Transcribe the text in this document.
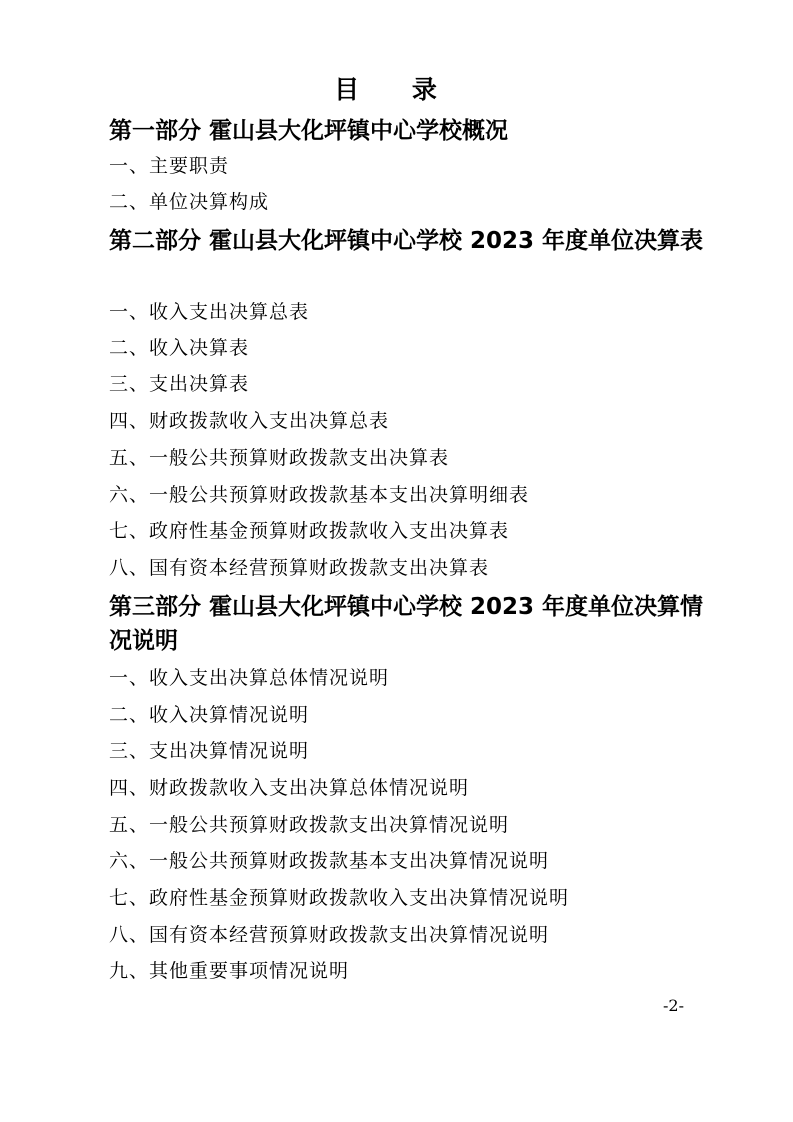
目 录
第一部分 霍山县大化坪镇中心学校概况

一、主要职责

二、单位决算构成

第二部分 霍山县大化坪镇中心学校 2023 年度单位决算表

一、收入支出决算总表

二、收入决算表

三、支出决算表

四、财政拨款收入支出决算总表

五、一般公共预算财政拨款支出决算表

六、一般公共预算财政拨款基本支出决算明细表

七、政府性基金预算财政拨款收入支出决算表

八、国有资本经营预算财政拨款支出决算表

第三部分 霍山县大化坪镇中心学校 2023 年度单位决算情况说明

一、收入支出决算总体情况说明

二、收入决算情况说明

三、支出决算情况说明

四、财政拨款收入支出决算总体情况说明

五、一般公共预算财政拨款支出决算情况说明

六、一般公共预算财政拨款基本支出决算情况说明

七、政府性基金预算财政拨款收入支出决算情况说明

八、国有资本经营预算财政拨款支出决算情况说明

九、其他重要事项情况说明

-2-
